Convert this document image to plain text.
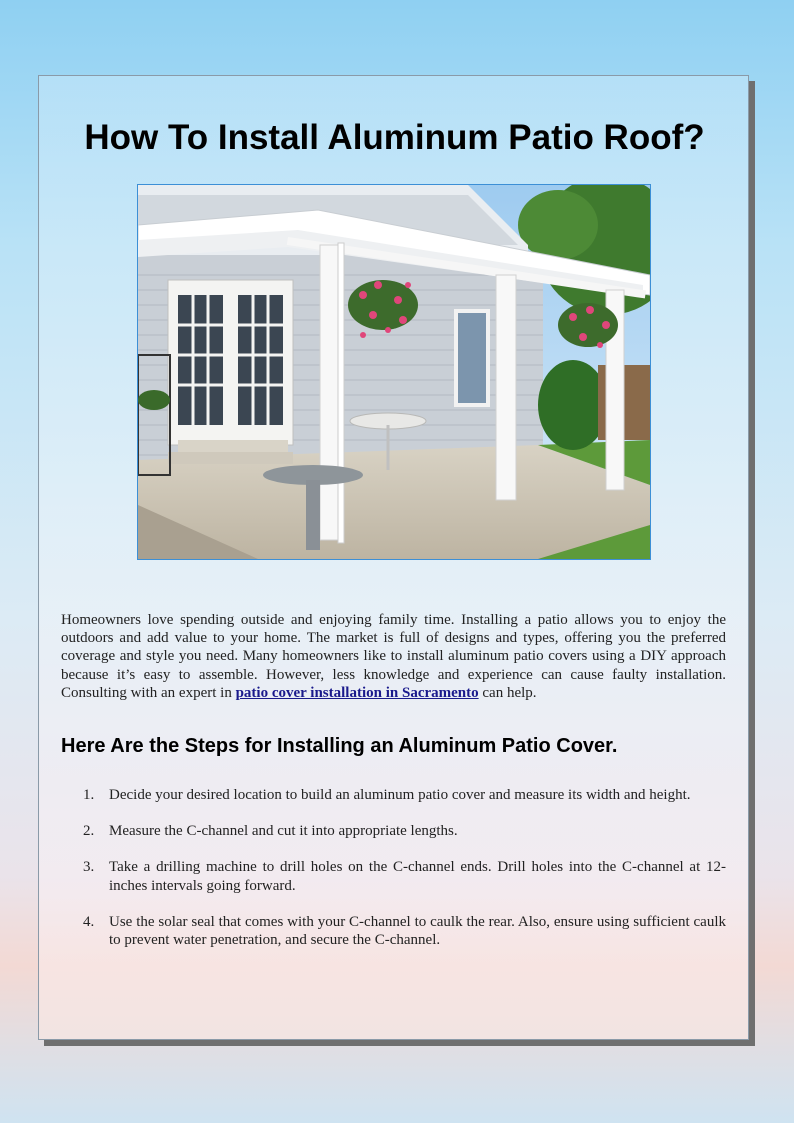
How To Install Aluminum Patio Roof?

Homeowners love spending outside and enjoying family time. Installing a patio allows you to enjoy the outdoors and add value to your home. The market is full of designs and types, offering you the preferred coverage and style you need. Many homeowners like to install aluminum patio covers using a DIY approach because it’s easy to assemble. However, less knowledge and experience can cause faulty installation. Consulting with an expert in patio cover installation in Sacramento can help.

Here Are the Steps for Installing an Aluminum Patio Cover.
1. Decide your desired location to build an aluminum patio cover and measure its width and height.
2. Measure the C-channel and cut it into appropriate lengths.
3. Take a drilling machine to drill holes on the C-channel ends. Drill holes into the C-channel at 12-inches intervals going forward.
4. Use the solar seal that comes with your C-channel to caulk the rear. Also, ensure using sufficient caulk to prevent water penetration, and secure the C-channel.
